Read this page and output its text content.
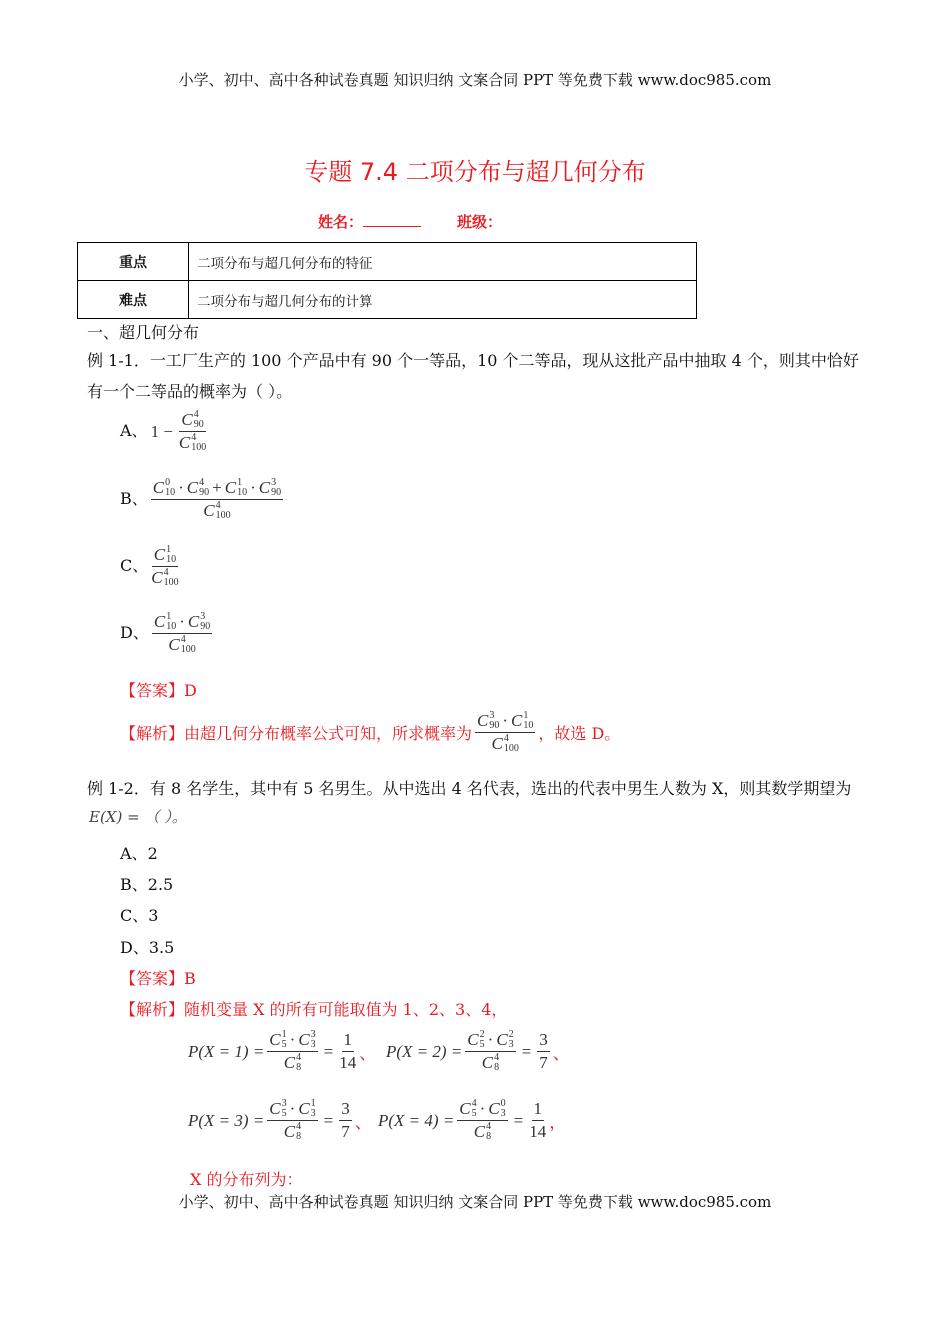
小学、初中、高中各种试卷真题 知识归纳 文案合同 PPT 等免费下载 www.doc985.com
专题 7.4 二项分布与超几何分布
姓名：	班级：
重点	二项分布与超几何分布的特征
难点	二项分布与超几何分布的计算
一、超几何分布
例 1-1．一工厂生产的 100 个产品中有 90 个一等品，10 个二等品，现从这批产品中抽取 4 个，则其中恰好
有一个二等品的概率为（ ）。
A、 1 − C 4
90
C 4
100
B、 C 0
10 · C 4
90 + C 1
10 · C 3
90
C 4
100
C、 C 1
10
C 4
100
D、 C 1
10 · C 3
90
C 4
100
【答案】D
【解析】 由超几何分布概率公式可知，所求概率为 C 3
90 · C 1
10
C 4
100 ，故选 D。
例 1-2．有 8 名学生，其中有 5 名男生。从中选出 4 名代表，选出的代表中男生人数为 X，则其数学期望为
E(X) = （ ）。
A、2
B、2.5
C、3
D、3.5
【答案】B
【解析】随机变量 X 的所有可能取值为 1、2、3、4，
P(X = 1) = C 1
5 · C 3
3
C 4
$8 = \frac{1}{14}$ 、 P(X = 2) = C 2
5 · C 2
3
C 4
$8 = \frac{3}{7}$ 、
P(X = 3) = C 3
5 · C 1
3
C 4
$8 = \frac{3}{7}$ 、 P(X = 4) = C 4
5 · C 0
3
C 4
$8 = \frac{1}{14}$ ，
X 的分布列为：
小学、初中、高中各种试卷真题 知识归纳 文案合同 PPT 等免费下载 www.doc985.com
